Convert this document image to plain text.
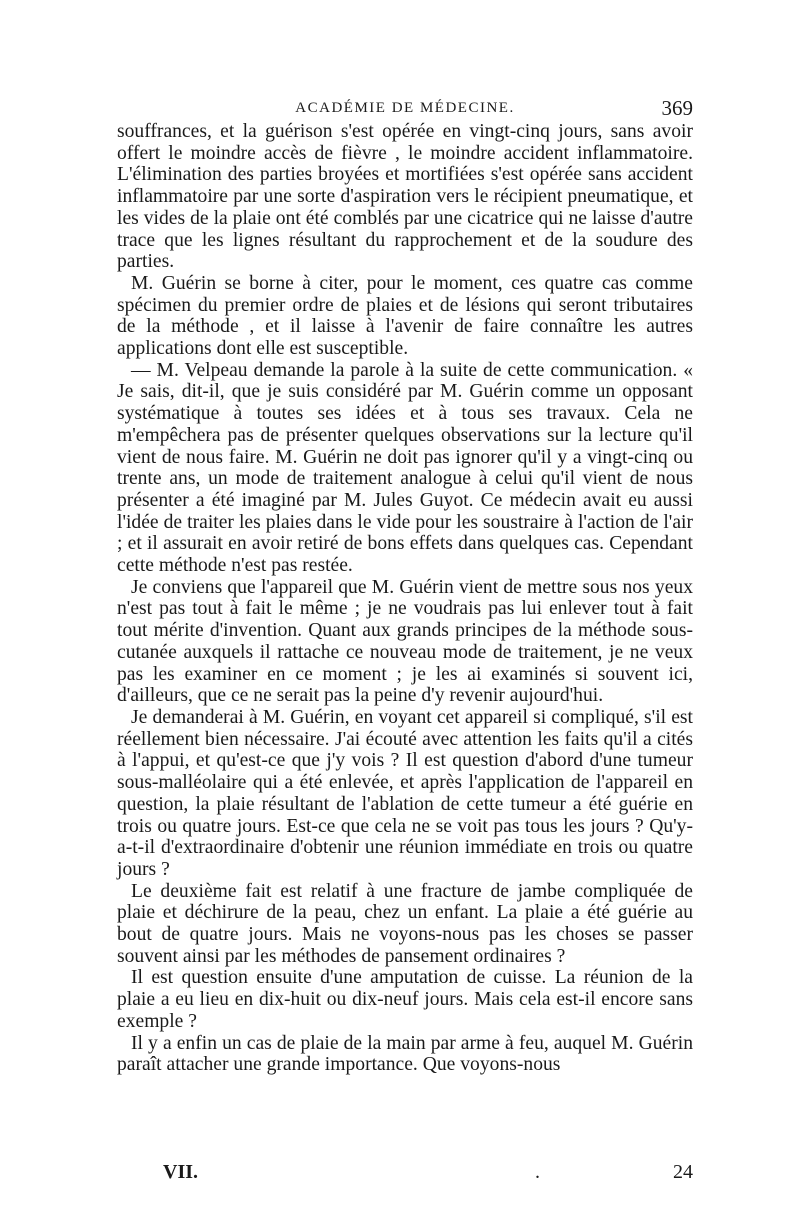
ACADÉMIE DE MÉDECINE.	369

souffrances, et la guérison s'est opérée en vingt-cinq jours, sans avoir offert le moindre accès de fièvre , le moindre accident inflammatoire. L'élimination des parties broyées et mortifiées s'est opérée sans accident inflammatoire par une sorte d'aspiration vers le récipient pneumatique, et les vides de la plaie ont été comblés par une cicatrice qui ne laisse d'autre trace que les lignes résultant du rapprochement et de la soudure des parties.

M. Guérin se borne à citer, pour le moment, ces quatre cas comme spécimen du premier ordre de plaies et de lésions qui seront tributaires de la méthode , et il laisse à l'avenir de faire connaître les autres applications dont elle est susceptible.

— M. Velpeau demande la parole à la suite de cette communication. « Je sais, dit-il, que je suis considéré par M. Guérin comme un opposant systématique à toutes ses idées et à tous ses travaux. Cela ne m'empêchera pas de présenter quelques observations sur la lecture qu'il vient de nous faire. M. Guérin ne doit pas ignorer qu'il y a vingt-cinq ou trente ans, un mode de traitement analogue à celui qu'il vient de nous présenter a été imaginé par M. Jules Guyot. Ce médecin avait eu aussi l'idée de traiter les plaies dans le vide pour les soustraire à l'action de l'air ; et il assurait en avoir retiré de bons effets dans quelques cas. Cependant cette méthode n'est pas restée.

Je conviens que l'appareil que M. Guérin vient de mettre sous nos yeux n'est pas tout à fait le même ; je ne voudrais pas lui enlever tout à fait tout mérite d'invention. Quant aux grands principes de la méthode sous-cutanée auxquels il rattache ce nouveau mode de traitement, je ne veux pas les examiner en ce moment ; je les ai examinés si souvent ici, d'ailleurs, que ce ne serait pas la peine d'y revenir aujourd'hui.

Je demanderai à M. Guérin, en voyant cet appareil si compliqué, s'il est réellement bien nécessaire. J'ai écouté avec attention les faits qu'il a cités à l'appui, et qu'est-ce que j'y vois ? Il est question d'abord d'une tumeur sous-malléolaire qui a été enlevée, et après l'application de l'appareil en question, la plaie résultant de l'ablation de cette tumeur a été guérie en trois ou quatre jours. Est-ce que cela ne se voit pas tous les jours ? Qu'y-a-t-il d'extraordinaire d'obtenir une réunion immédiate en trois ou quatre jours ?

Le deuxième fait est relatif à une fracture de jambe compliquée de plaie et déchirure de la peau, chez un enfant. La plaie a été guérie au bout de quatre jours. Mais ne voyons-nous pas les choses se passer souvent ainsi par les méthodes de pansement ordinaires ?

Il est question ensuite d'une amputation de cuisse. La réunion de la plaie a eu lieu en dix-huit ou dix-neuf jours. Mais cela est-il encore sans exemple ?

Il y a enfin un cas de plaie de la main par arme à feu, auquel M. Guérin paraît attacher une grande importance. Que voyons-nous

VII.	.	24
